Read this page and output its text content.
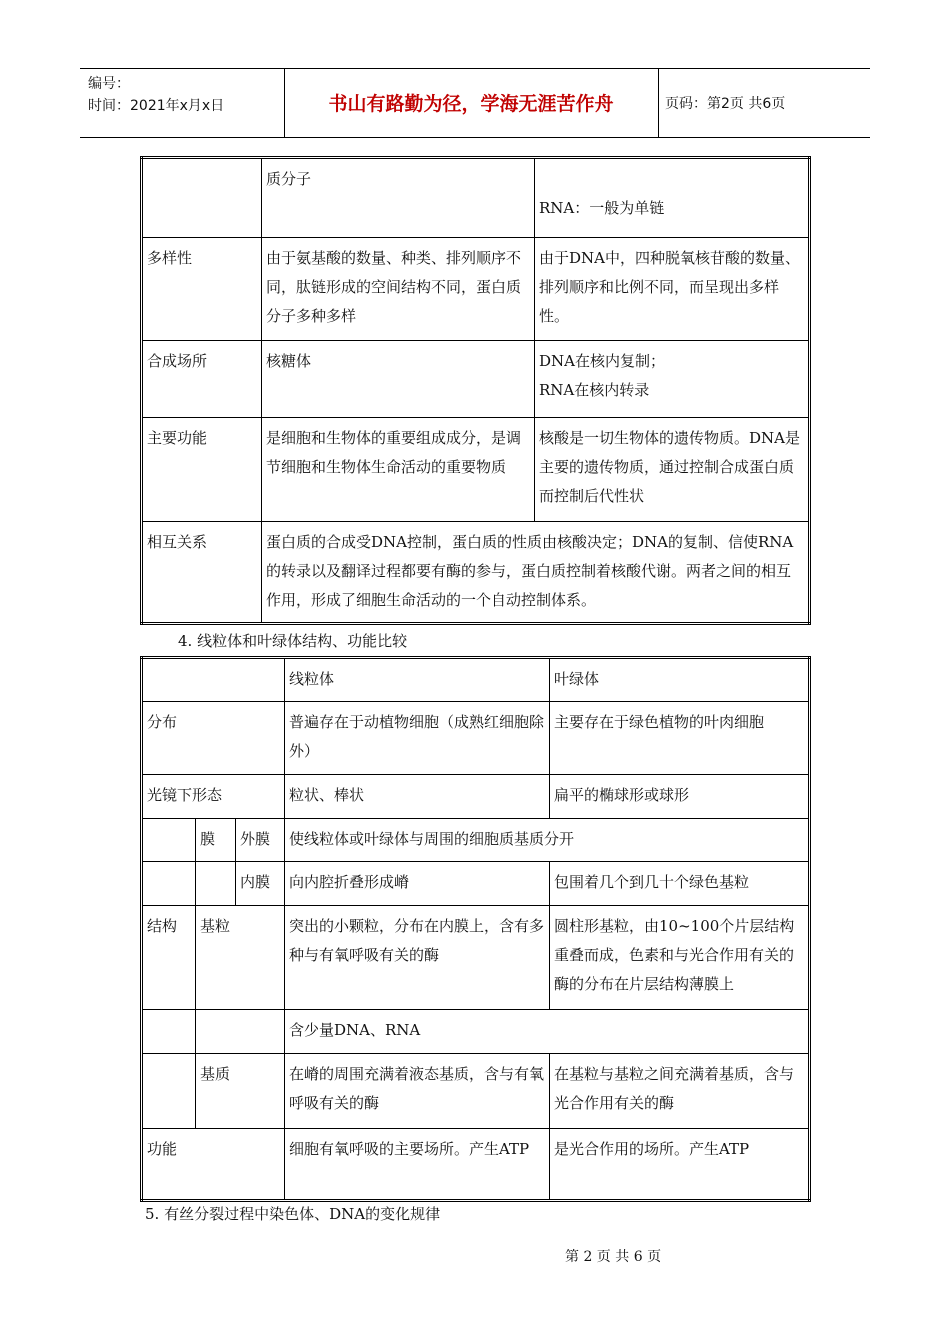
编号：
时间：2021年x月x日	书山有路勤为径，学海无涯苦作舟	页码：第2页 共6页
	质分子	RNA：一般为单链

多样性	由于氨基酸的数量、种类、排列顺序不同，肽链形成的空间结构不同，蛋白质分子多种多样	由于DNA中，四种脱氧核苷酸的数量、排列顺序和比例不同，而呈现出多样性。
合成场所	核糖体	DNA在核内复制；
RNA在核内转录

主要功能	是细胞和生物体的重要组成成分，是调节细胞和生物体生命活动的重要物质	核酸是一切生物体的遗传物质。DNA是主要的遗传物质，通过控制合成蛋白质而控制后代性状
相互关系	蛋白质的合成受DNA控制，蛋白质的性质由核酸决定；DNA的复制、信使RNA的转录以及翻译过程都要有酶的参与，蛋白质控制着核酸代谢。两者之间的相互作用，形成了细胞生命活动的一个自动控制体系。	
4. 线粒体和叶绿体结构、功能比较
			线粒体	叶绿体
分布			普遍存在于动植物细胞（成熟红细胞除外）	主要存在于绿色植物的叶肉细胞
光镜下形态			粒状、棒状	扁平的椭球形或球形
	膜	外膜	使线粒体或叶绿体与周围的细胞质基质分开	
		内膜	向内腔折叠形成嵴	包围着几个到几十个绿色基粒
结构	基粒		突出的小颗粒，分布在内膜上，含有多种与有氧呼吸有关的酶	圆柱形基粒，由10~100个片层结构重叠而成，色素和与光合作用有关的酶的分布在片层结构薄膜上
			含少量DNA、RNA	
	基质		在嵴的周围充满着液态基质，含与有氧呼吸有关的酶	在基粒与基粒之间充满着基质，含与光合作用有关的酶
功能			细胞有氧呼吸的主要场所。产生ATP	是光合作用的场所。产生ATP
5. 有丝分裂过程中染色体、DNA的变化规律
第 2 页 共 6 页
